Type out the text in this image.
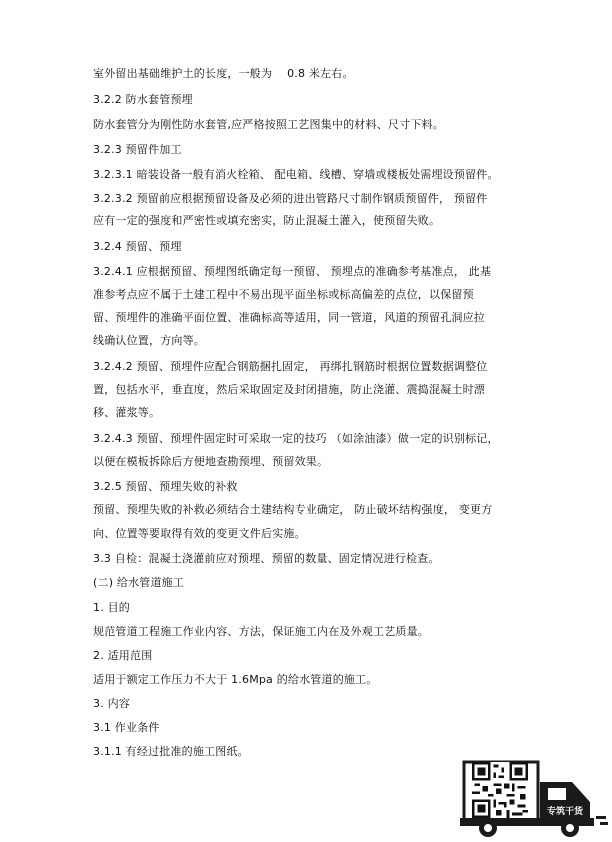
室外留出基础维护土的长度，一般为　 0.8 米左右。
3.2.2 防水套管预埋
防水套管分为刚性防水套管,应严格按照工艺图集中的材料、尺寸下料。
3.2.3 预留件加工
3.2.3.1 暗装设备一般有消火栓箱、 配电箱、线槽、穿墙或楼板处需埋设预留件。
3.2.3.2 预留前应根据预留设备及必须的进出管路尺寸制作钢质预留件， 预留件
应有一定的强度和严密性或填充密实，防止混凝土灌入，使预留失败。
3.2.4 预留、预埋
3.2.4.1 应根据预留、预埋图纸确定每一预留、 预埋点的准确参考基准点， 此基
准参考点应不属于土建工程中不易出现平面坐标或标高偏差的点位，以保留预
留、预埋件的准确平面位置、准确标高等适用，同一管道，风道的预留孔洞应拉
线确认位置，方向等。
3.2.4.2 预留、预埋件应配合钢筋捆扎固定， 再绑扎钢筋时根据位置数据调整位
置，包括水平，垂直度，然后采取固定及封闭措施，防止浇灌、震捣混凝土时漂
移、灌浆等。
3.2.4.3 预留、预埋件固定时可采取一定的技巧 （如涂油漆）做一定的识别标记，
以便在模板拆除后方便地查勘预埋、预留效果。
3.2.5 预留、预埋失败的补救
预留、预埋失败的补救必须结合土建结构专业确定， 防止破坏结构强度， 变更方
向、位置等要取得有效的变更文件后实施。
3.3 自检：混凝土浇灌前应对预埋、预留的数量、固定情况进行检查。
(二) 给水管道施工
1. 目的
规范管道工程施工作业内容、方法，保证施工内在及外观工艺质量。
2. 适用范围
适用于额定工作压力不大于 1.6Mpa 的给水管道的施工。
3. 内容
3.1 作业条件
3.1.1 有经过批准的施工图纸。
专筑干货
